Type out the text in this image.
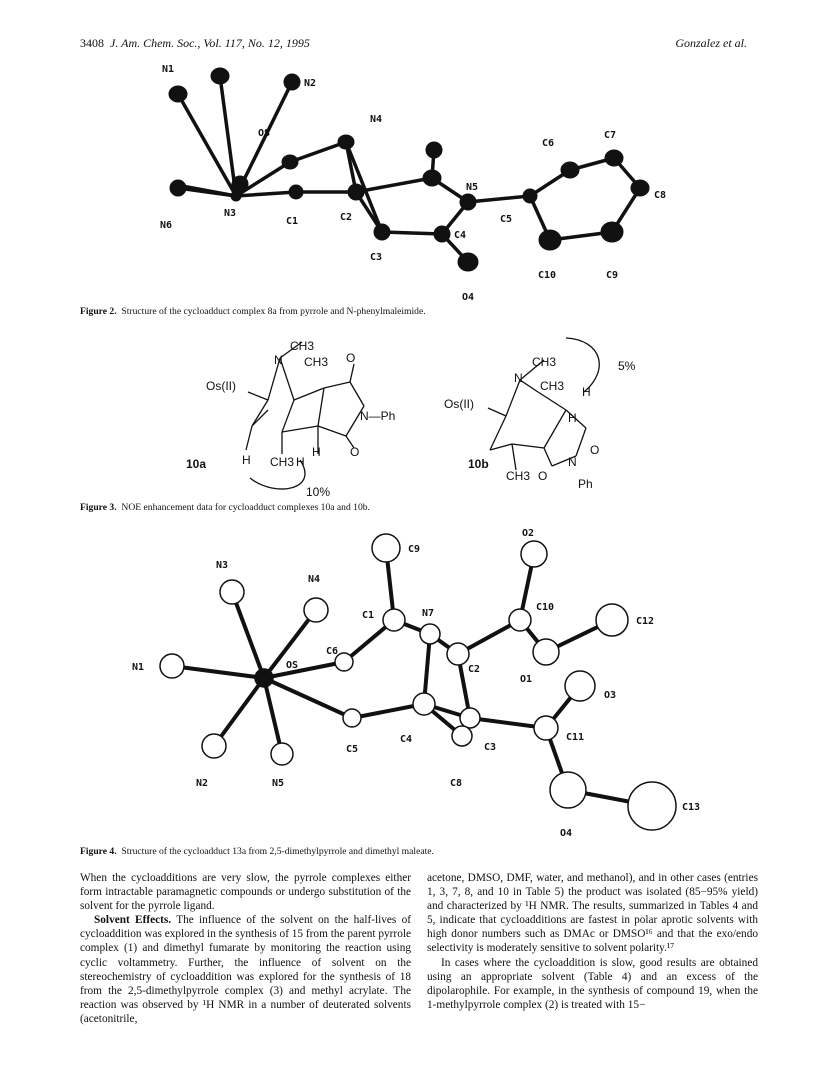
3408 J. Am. Chem. Soc., Vol. 117, No. 12, 1995	Gonzalez et al.
N1
N2
OS
N4
C6
C7
C8
N5
C5
N6
N3
C1	C2
C3
C4
C10	C9
O4
Figure 2. Structure of the cycloadduct complex 8a from pyrrole and N-phenylmaleimide.
CH3
N CH3 O
Os(II)
N—Ph
CH3
H
H	H
O
10a
10%
CH3
N
CH3
5%
Os(II)
H
H
O
CH3
N
O
Ph
10b
Figure 3. NOE enhancement data for cycloadduct complexes 10a and 10b.
O2
C9
N3
N4
C10
C12
C1	N7
N1
C6
OS	C2
O1
O3
C4	C11
C3
C5
N2	N5	C8
C13
O4
Figure 4. Structure of the cycloadduct 13a from 2,5-dimethylpyrrole and dimethyl maleate.

When the cycloadditions are very slow, the pyrrole complexes either form intractable paramagnetic compounds or undergo substitution of the solvent for the pyrrole ligand.

Solvent Effects. The influence of the solvent on the half-lives of cycloaddition was explored in the synthesis of 15 from the parent pyrrole complex (1) and dimethyl fumarate by monitoring the reaction using cyclic voltammetry. Further, the influence of solvent on the stereochemistry of cycloaddition was explored for the synthesis of 18 from the 2,5-dimethylpyrrole complex (3) and methyl acrylate. The reaction was observed by ¹H NMR in a number of deuterated solvents (acetonitrile,

acetone, DMSO, DMF, water, and methanol), and in other cases (entries 1, 3, 7, 8, and 10 in Table 5) the product was isolated (85−95% yield) and characterized by ¹H NMR. The results, summarized in Tables 4 and 5, indicate that cycloadditions are fastest in polar aprotic solvents with high donor numbers such as DMAc or DMSO¹⁶ and that the exo/endo selectivity is moderately sensitive to solvent polarity.¹⁷

In cases where the cycloaddition is slow, good results are obtained using an appropriate solvent (Table 4) and an excess of the dipolarophile. For example, in the synthesis of compound 19, when the 1-methylpyrrole complex (2) is treated with 15−
